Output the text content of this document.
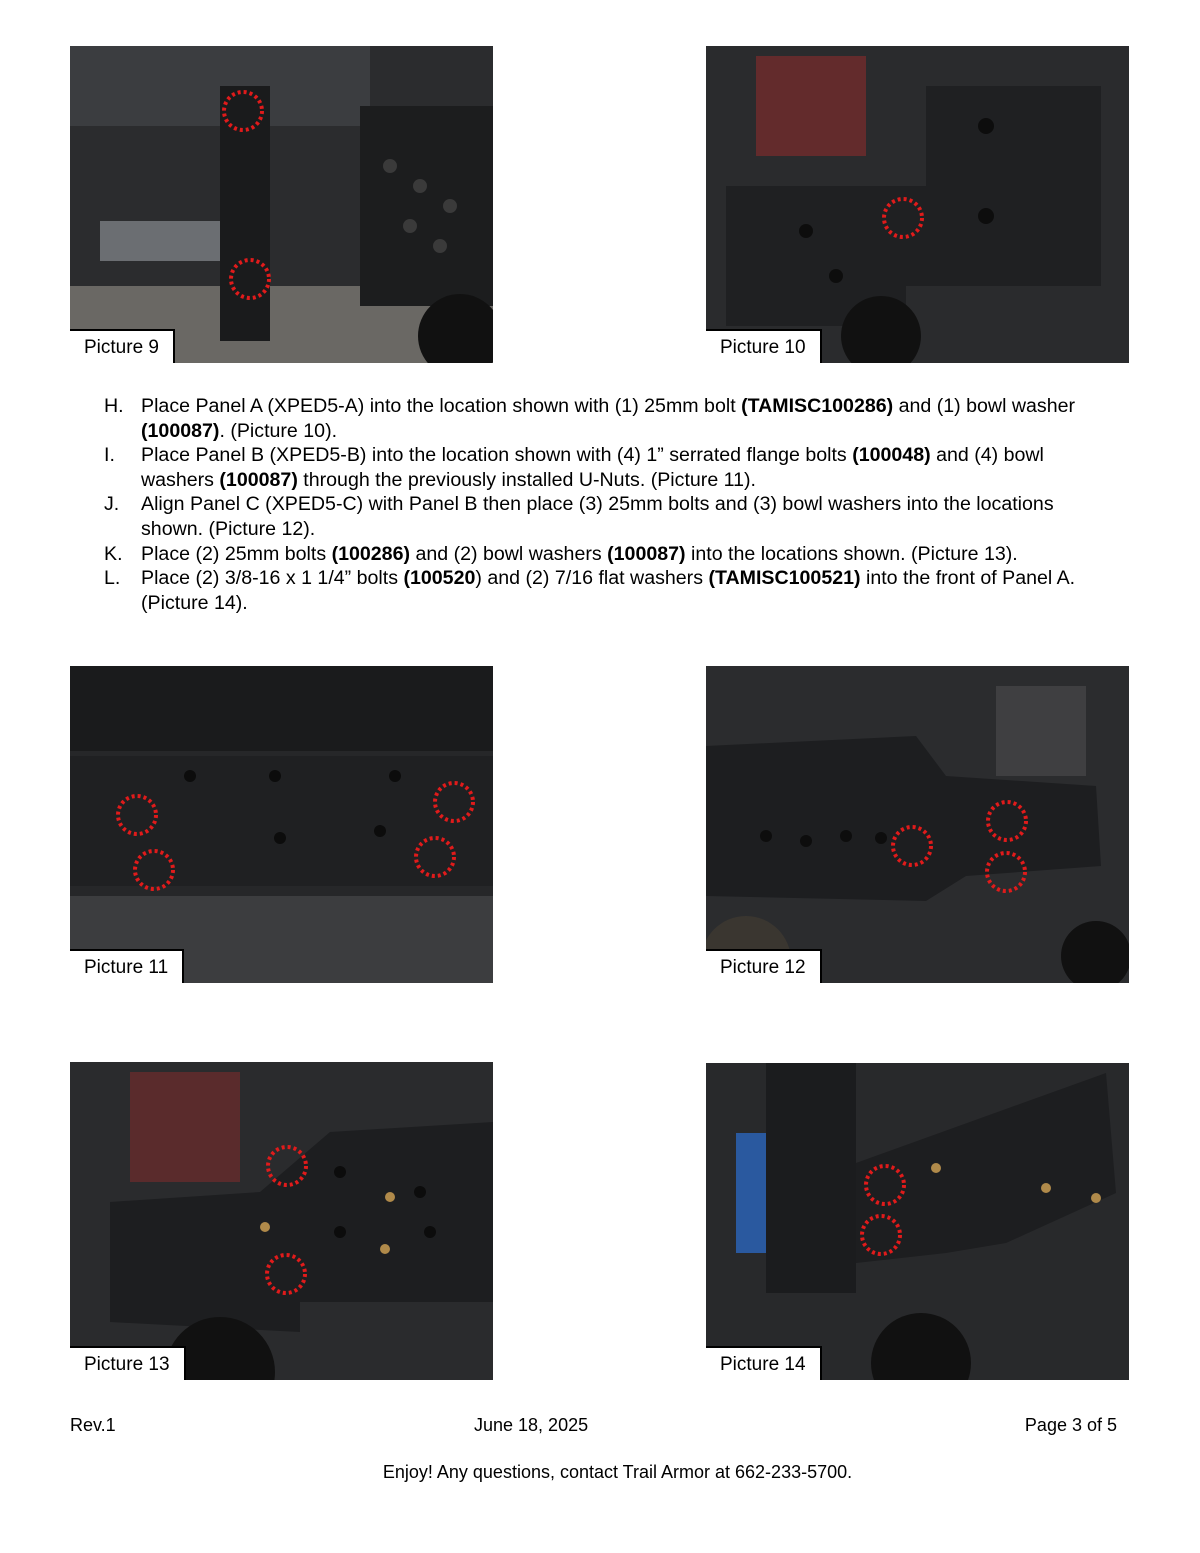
Picture 9	Picture 10
H. Place Panel A (XPED5-A) into the location shown with (1) 25mm bolt (TAMISC100286) and (1) bowl washer (100087). (Picture 10).
I. Place Panel B (XPED5-B) into the location shown with (4) 1” serrated flange bolts (100048) and (4) bowl washers (100087) through the previously installed U-Nuts. (Picture 11).
J. Align Panel C (XPED5-C) with Panel B then place (3) 25mm bolts and (3) bowl washers into the locations shown. (Picture 12).
K. Place (2) 25mm bolts (100286) and (2) bowl washers (100087) into the locations shown. (Picture 13).
L. Place (2) 3/8-16 x 1 1/4” bolts (100520) and (2) 7/16 flat washers (TAMISC100521) into the front of Panel A. (Picture 14).
Picture 11	Picture 12
Picture 13	Picture 14
Rev.1	June 18, 2025	Page 3 of 5
Enjoy! Any questions, contact Trail Armor at 662-233-5700.
